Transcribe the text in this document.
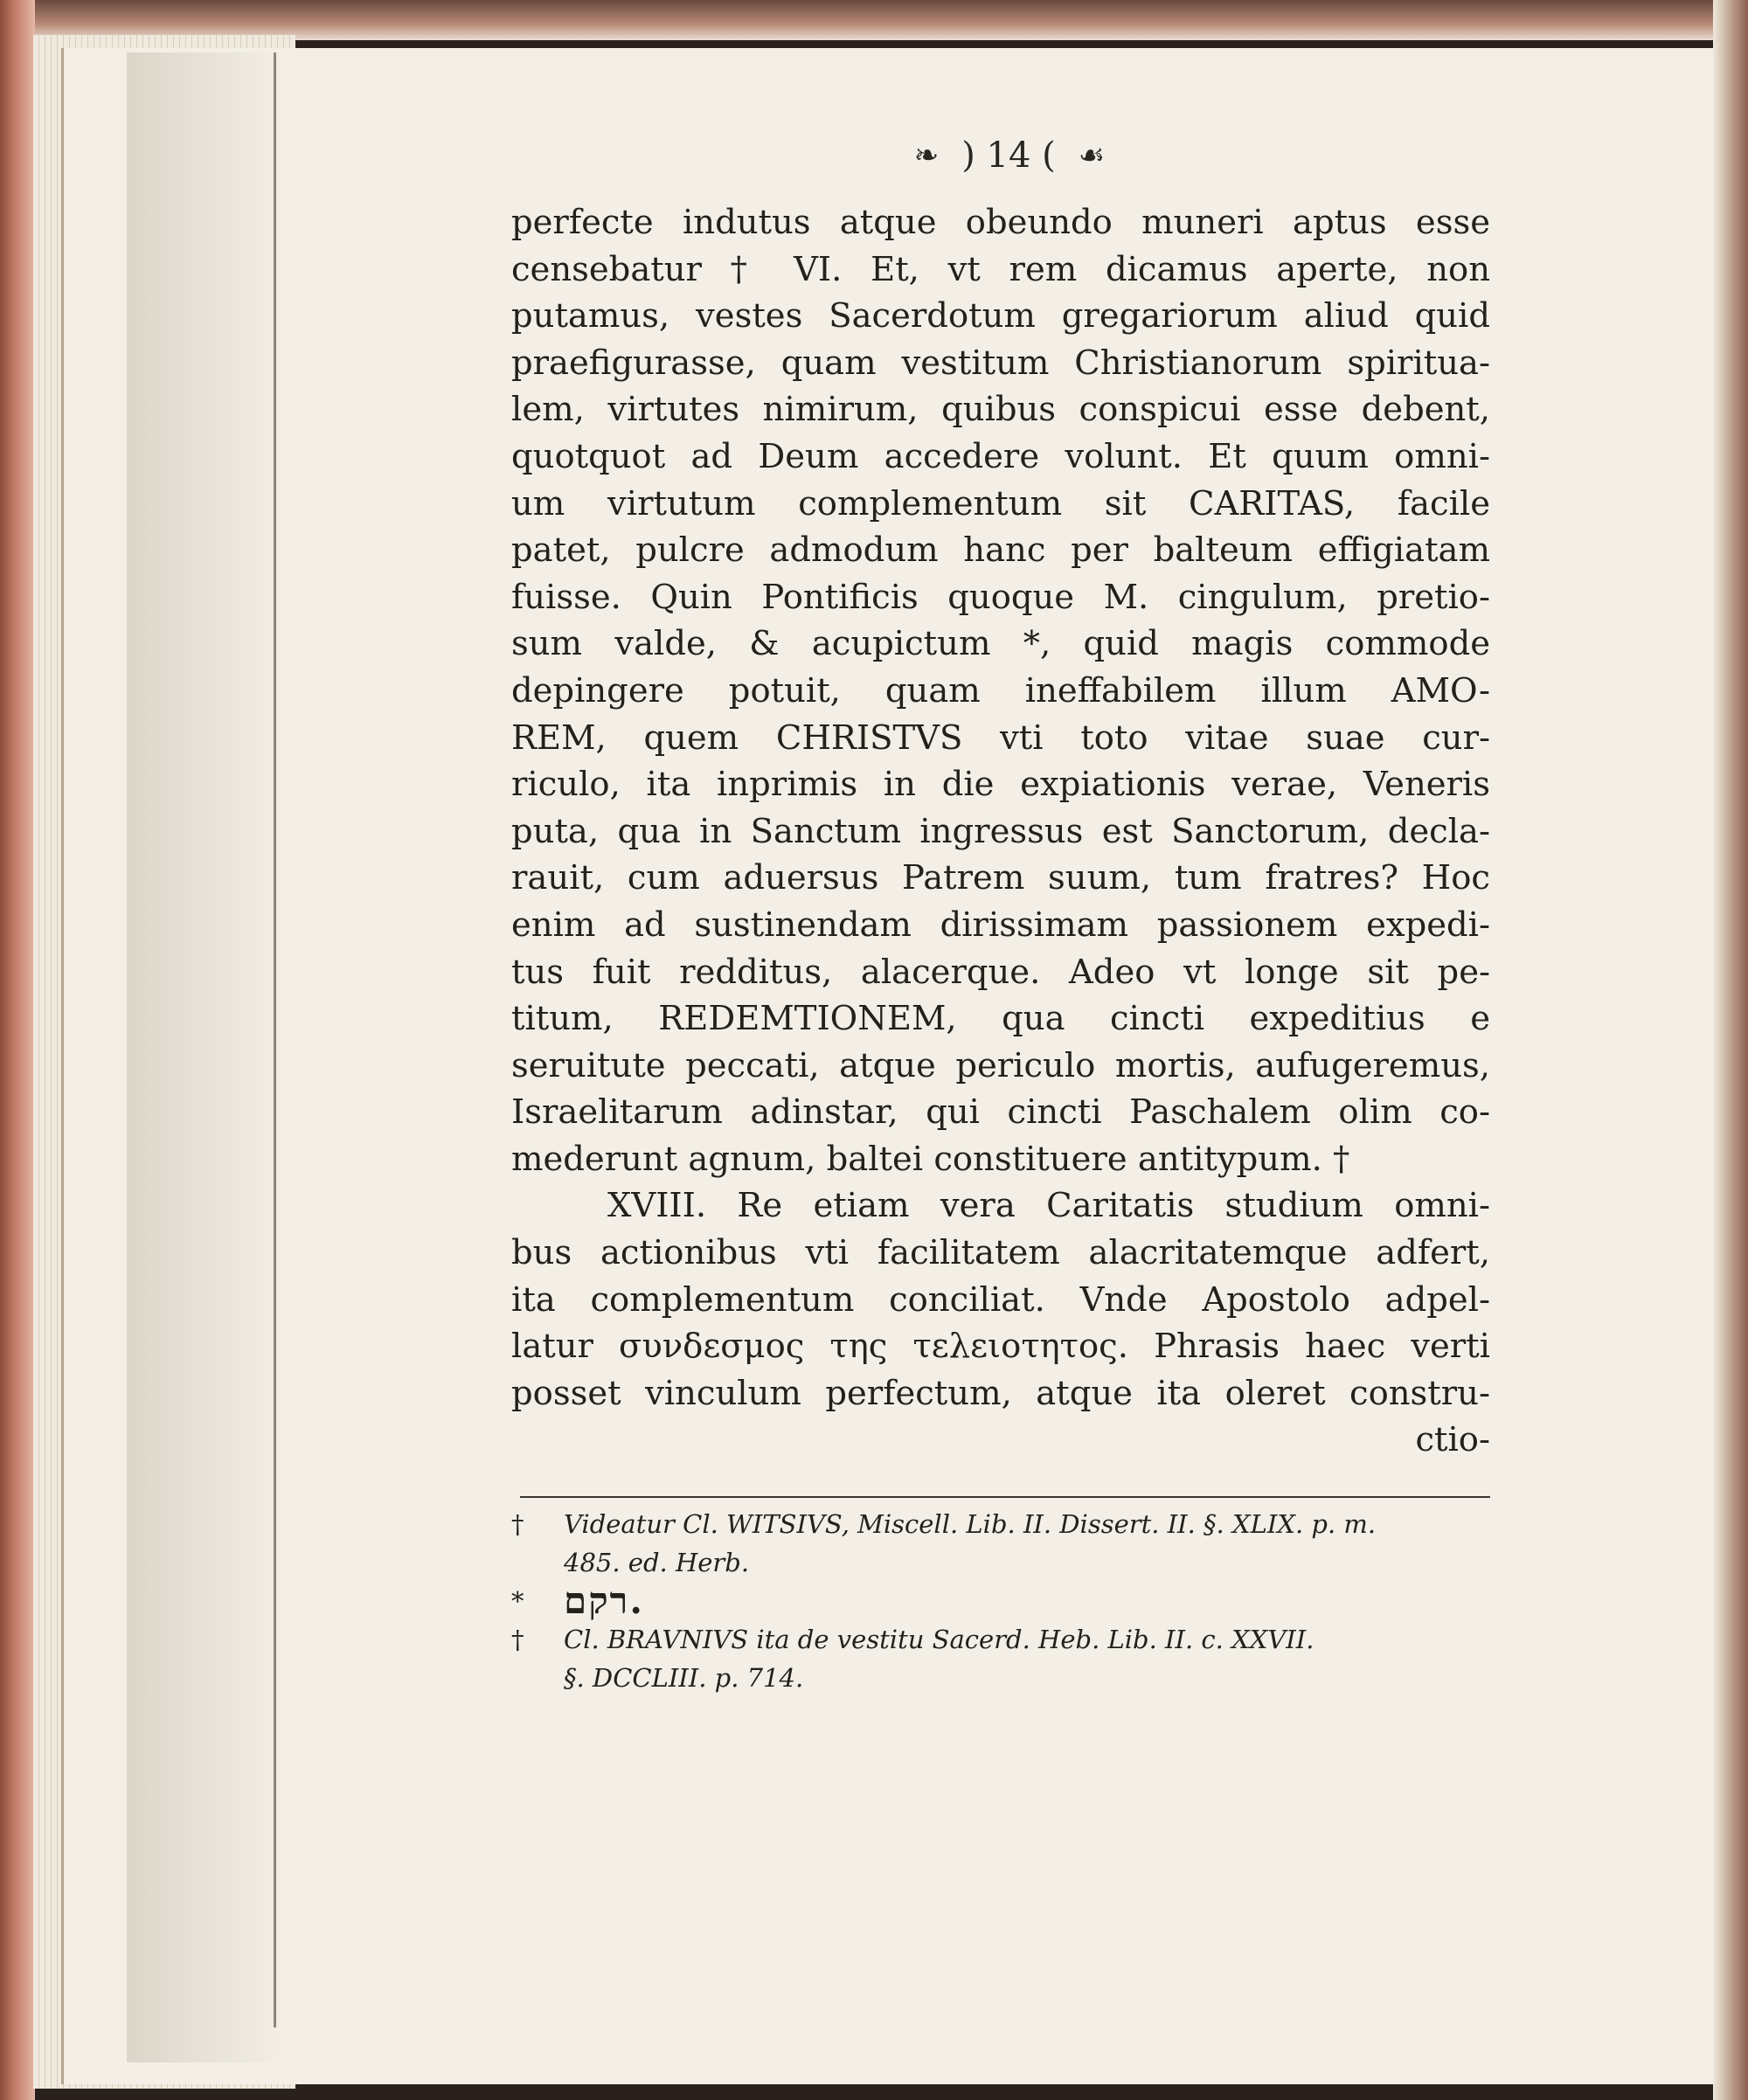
❧ ) 14 ( ☙
perfecte indutus atque obeundo muneri aptus esse
censebatur † VI. Et, vt rem dicamus aperte, non
putamus, vestes Sacerdotum gregariorum aliud quid
praefigurasse, quam vestitum Christianorum spiritua-
lem, virtutes nimirum, quibus conspicui esse debent,
quotquot ad Deum accedere volunt. Et quum omni-
um virtutum complementum sit CARITAS, facile
patet, pulcre admodum hanc per balteum effigiatam
fuisse. Quin Pontificis quoque M. cingulum, pretio-
sum valde, & acupictum *, quid magis commode
depingere potuit, quam ineffabilem illum AMO-
REM, quem CHRISTVS vti toto vitae suae cur-
riculo, ita inprimis in die expiationis verae, Veneris
puta, qua in Sanctum ingressus est Sanctorum, decla-
rauit, cum aduersus Patrem suum, tum fratres? Hoc
enim ad sustinendam dirissimam passionem expedi-
tus fuit redditus, alacerque. Adeo vt longe sit pe-
titum, REDEMTIONEM, qua cincti expeditius e
seruitute peccati, atque periculo mortis, aufugeremus,
Israelitarum adinstar, qui cincti Paschalem olim co-
mederunt agnum, baltei constituere antitypum. †
XVIII. Re etiam vera Caritatis studium omni-
bus actionibus vti facilitatem alacritatemque adfert,
ita complementum conciliat. Vnde Apostolo adpel-
latur συνδεσμος της τελειοτητος. Phrasis haec verti
posset vinculum perfectum, atque ita oleret constru-
ctio-
†	Videatur Cl. WITSIVS, Miscell. Lib. II. Dissert. II. §. XLIX. p. m.
485. ed. Herb.
*	רקם.
†	Cl. BRAVNIVS ita de vestitu Sacerd. Heb. Lib. II. c. XXVII.
§. DCCLIII. p. 714.
